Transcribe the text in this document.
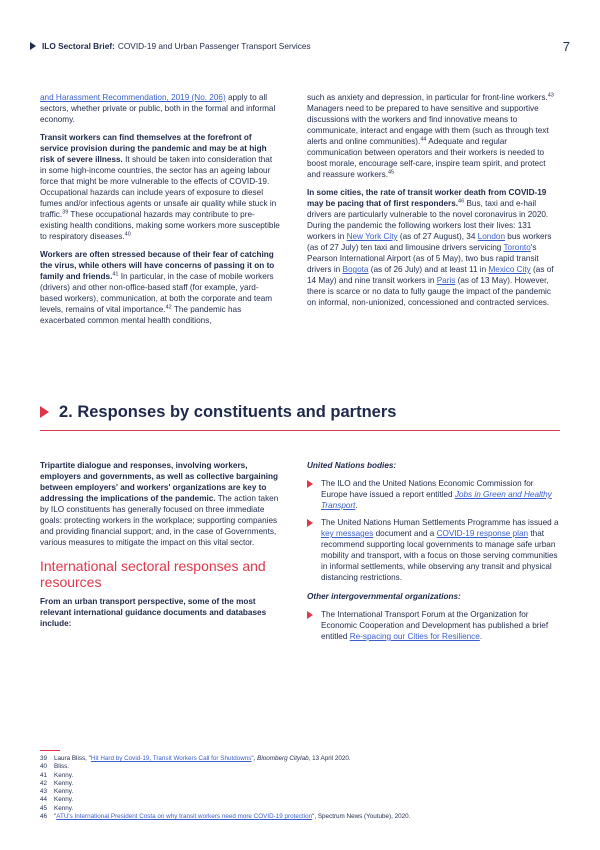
ILO Sectoral Brief: COVID-19 and Urban Passenger Transport Services	7

and Harassment Recommendation, 2019 (No. 206) apply to all sectors, whether private or public, both in the formal and informal economy.

Transit workers can find themselves at the forefront of service provision during the pandemic and may be at high risk of severe illness. It should be taken into consideration that in some high-income countries, the sector has an ageing labour force that might be more vulnerable to the effects of COVID-19. Occupational hazards can include years of exposure to diesel fumes and/or infectious agents or unsafe air quality while stuck in traffic.$^{39}$ These occupational hazards may contribute to pre-existing health conditions, making some workers more susceptible to respiratory diseases.$^{40}$

Workers are often stressed because of their fear of catching the virus, while others will have concerns of passing it on to family and friends.$^{41}$ In particular, in the case of mobile workers (drivers) and other non-office-based staff (for example, yard-based workers), communication, at both the corporate and team levels, remains of vital importance.$^{42}$ The pandemic has exacerbated common mental health conditions,

such as anxiety and depression, in particular for front-line workers.$^{43}$ Managers need to be prepared to have sensitive and supportive discussions with the workers and find innovative means to communicate, interact and engage with them (such as through text alerts and online communities).$^{44}$ Adequate and regular communication between operators and their workers is needed to boost morale, encourage self-care, inspire team spirit, and protect and reassure workers.$^{45}$

In some cities, the rate of transit worker death from COVID-19 may be pacing that of first responders.$^{46}$ Bus, taxi and e-hail drivers are particularly vulnerable to the novel coronavirus in 2020. During the pandemic the following workers lost their lives: 131 workers in New York City (as of 27 August), 34 London bus workers (as of 27 July) ten taxi and limousine drivers servicing Toronto's Pearson International Airport (as of 5 May), two bus rapid transit drivers in Bogota (as of 26 July) and at least 11 in Mexico City (as of 14 May) and nine transit workers in Paris (as of 13 May). However, there is scarce or no data to fully gauge the impact of the pandemic on informal, non-unionized, concessioned and contracted services.

2. Responses by constituents and partners

Tripartite dialogue and responses, involving workers, employers and governments, as well as collective bargaining between employers' and workers' organizations are key to addressing the implications of the pandemic. The action taken by ILO constituents has generally focused on three immediate goals: protecting workers in the workplace; supporting companies and providing financial support; and, in the case of Governments, various measures to mitigate the impact on this vital sector.

International sectoral responses and resources

From an urban transport perspective, some of the most relevant international guidance documents and databases include:

United Nations bodies:

The ILO and the United Nations Economic Commission for Europe have issued a report entitled Jobs in Green and Healthy Transport.
The United Nations Human Settlements Programme has issued a key messages document and a COVID-19 response plan that recommend supporting local governments to manage safe urban mobility and transport, with a focus on those serving communities in informal settlements, while observing any transit and physical distancing restrictions.

Other intergovernmental organizations:

The International Transport Forum at the Organization for Economic Cooperation and Development has published a brief entitled Re-spacing our Cities for Resilience.
39	Laura Bliss, "Hit Hard by Covid-19, Transit Workers Call for Shutdowns", Bloomberg Citylab, 13 April 2020.
40	Bliss.
41	Kenny.
42	Kenny.
43	Kenny.
44	Kenny.
45	Kenny.
46	"ATU's International President Costa on why transit workers need more COVID-19 protection", Spectrum News (Youtube), 2020.
